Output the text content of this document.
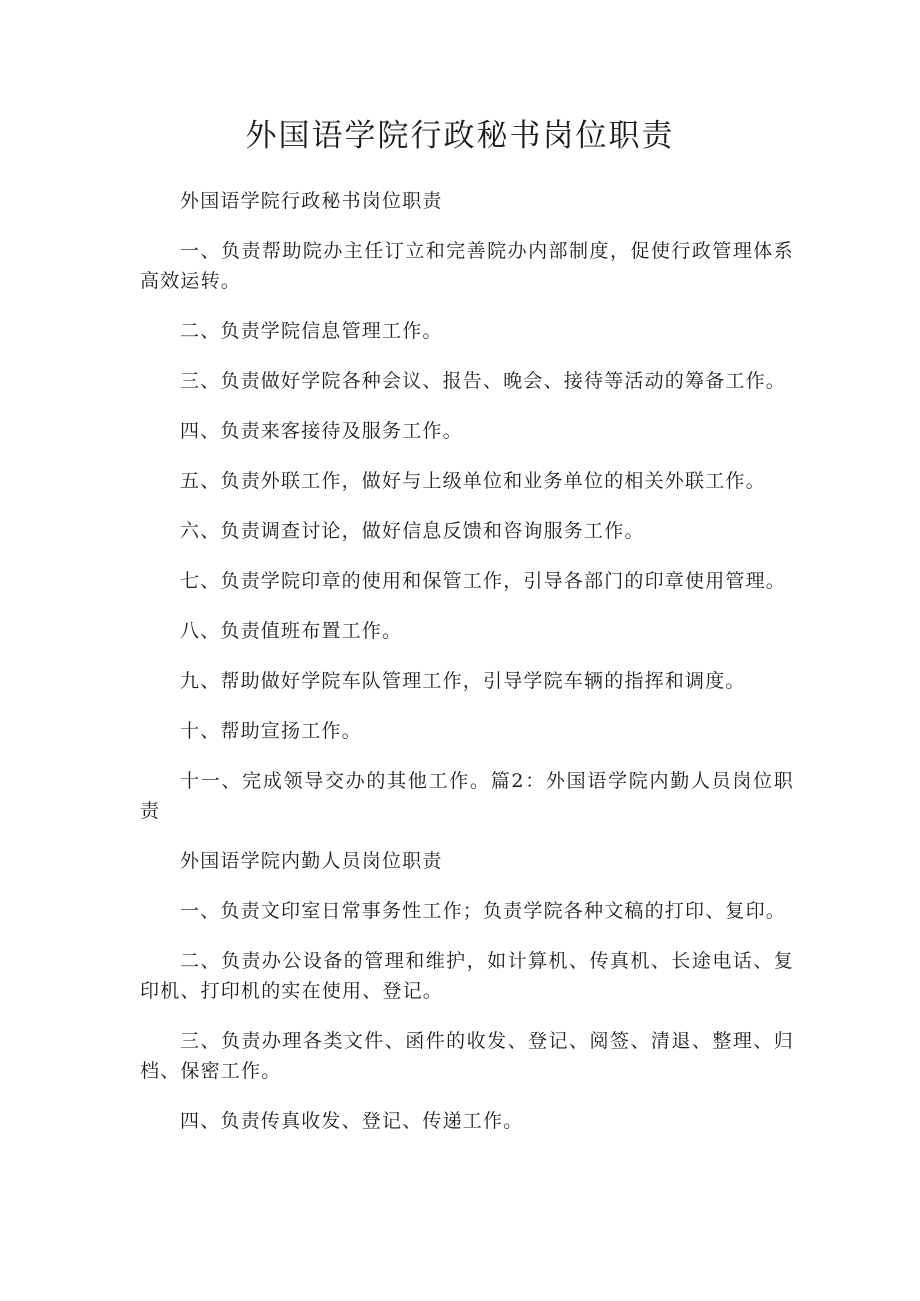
外国语学院行政秘书岗位职责

外国语学院行政秘书岗位职责

一、负责帮助院办主任订立和完善院办内部制度，促使行政管理体系高效运转。

二、负责学院信息管理工作。

三、负责做好学院各种会议、报告、晚会、接待等活动的筹备工作。

四、负责来客接待及服务工作。

五、负责外联工作，做好与上级单位和业务单位的相关外联工作。

六、负责调查讨论，做好信息反馈和咨询服务工作。

七、负责学院印章的使用和保管工作，引导各部门的印章使用管理。

八、负责值班布置工作。

九、帮助做好学院车队管理工作，引导学院车辆的指挥和调度。

十、帮助宣扬工作。

十一、完成领导交办的其他工作。篇2：外国语学院内勤人员岗位职责

外国语学院内勤人员岗位职责

一、负责文印室日常事务性工作；负责学院各种文稿的打印、复印。

二、负责办公设备的管理和维护，如计算机、传真机、长途电话、复印机、打印机的实在使用、登记。

三、负责办理各类文件、函件的收发、登记、阅签、清退、整理、归档、保密工作。

四、负责传真收发、登记、传递工作。
